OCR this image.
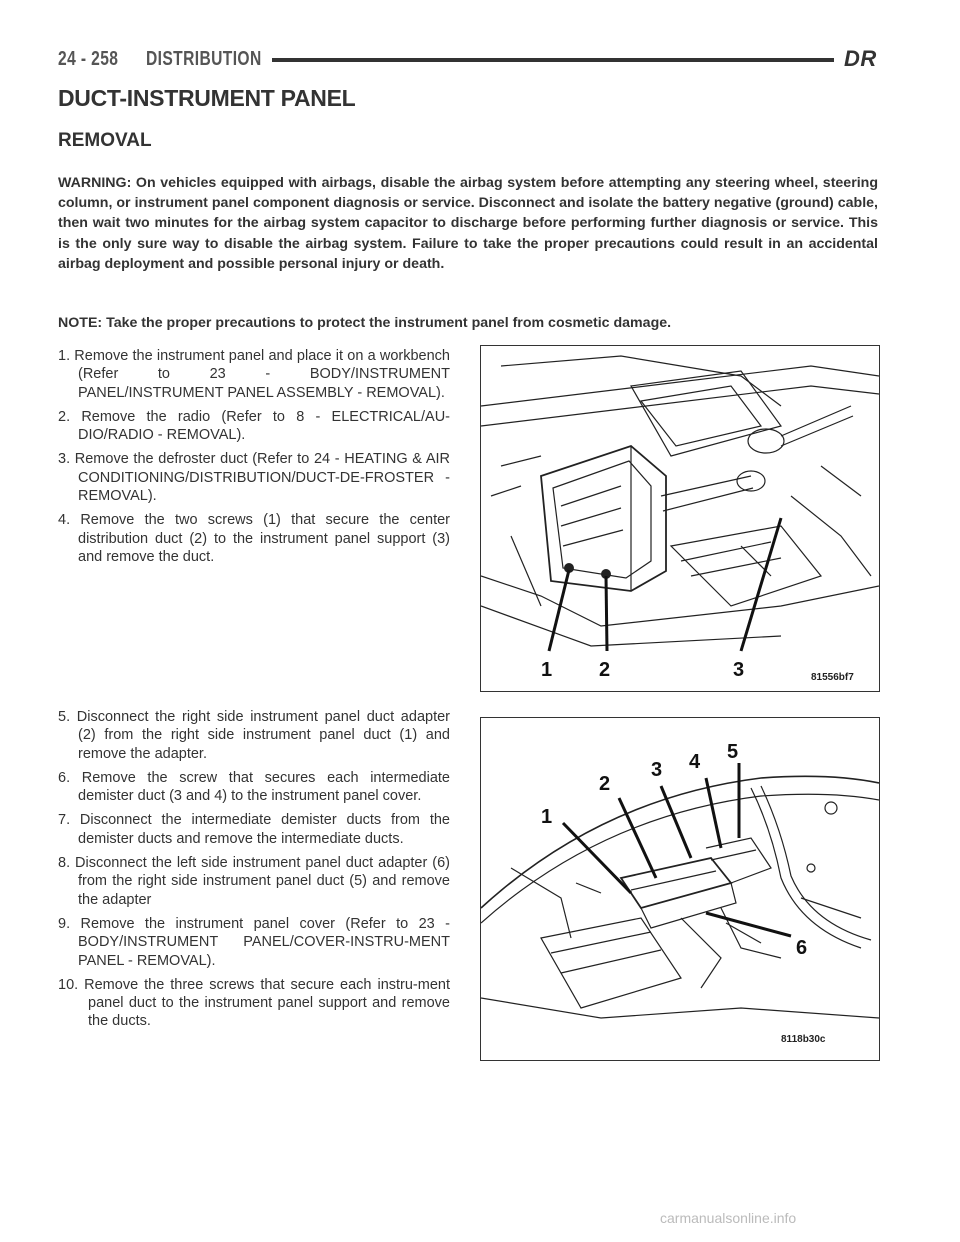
24 - 258 DISTRIBUTION	DR
DUCT-INSTRUMENT PANEL
REMOVAL

WARNING: On vehicles equipped with airbags, disable the airbag system before attempting any steering wheel, steering column, or instrument panel component diagnosis or service. Disconnect and isolate the battery negative (ground) cable, then wait two minutes for the airbag system capacitor to discharge before performing further diagnosis or service. This is the only sure way to disable the airbag system. Failure to take the proper precautions could result in an accidental airbag deployment and possible personal injury or death.

NOTE: Take the proper precautions to protect the instrument panel from cosmetic damage.

1. Remove the instrument panel and place it on a workbench (Refer to 23 - BODY/INSTRUMENT PANEL/INSTRUMENT PANEL ASSEMBLY - REMOVAL).
2. Remove the radio (Refer to 8 - ELECTRICAL/AU-DIO/RADIO - REMOVAL).
3. Remove the defroster duct (Refer to 24 - HEATING & AIR CONDITIONING/DISTRIBUTION/DUCT-DE-FROSTER - REMOVAL).
4. Remove the two screws (1) that secure the center distribution duct (2) to the instrument panel support (3) and remove the duct.
5. Disconnect the right side instrument panel duct adapter (2) from the right side instrument panel duct (1) and remove the adapter.
6. Remove the screw that secures each intermediate demister duct (3 and 4) to the instrument panel cover.
7. Disconnect the intermediate demister ducts from the demister ducts and remove the intermediate ducts.
8. Disconnect the left side instrument panel duct adapter (6) from the right side instrument panel duct (5) and remove the adapter
9. Remove the instrument panel cover (Refer to 23 - BODY/INSTRUMENT PANEL/COVER-INSTRU-MENT PANEL - REMOVAL).
10. Remove the three screws that secure each instru-ment panel duct to the instrument panel support and remove the ducts.
1 2	3	81556bf7
1
2
3 4 5
6
8118b30c
carmanualsonline.info
